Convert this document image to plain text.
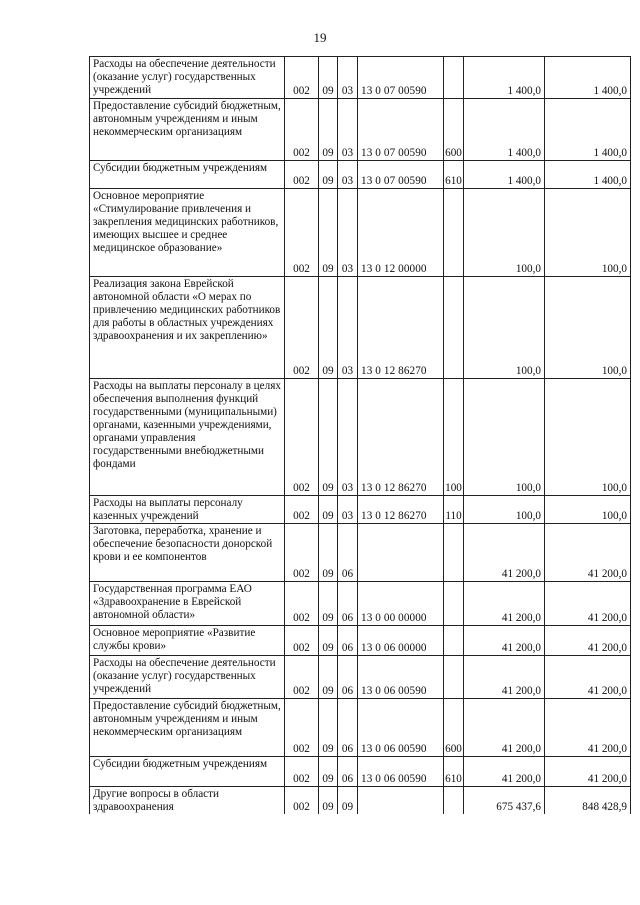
19
Расходы на обеспечение деятельности (оказание услуг) государственных учреждений	002	09	03	13 0 07 00590		1 400,0	1 400,0
Предоставление субсидий бюджетным, автономным учреждениям и иным некоммерческим организациям	002	09	03	13 0 07 00590	600	1 400,0	1 400,0
Субсидии бюджетным учреждениям	002	09	03	13 0 07 00590	610	1 400,0	1 400,0
Основное мероприятие «Стимулирование привлечения и закрепления медицинских работников, имеющих высшее и среднее медицинское образование»	002	09	03	13 0 12 00000		100,0	100,0
Реализация закона Еврейской автономной области «О мерах по привлечению медицинских работников для работы в областных учреждениях здравоохранения и их закреплению»	002	09	03	13 0 12 86270		100,0	100,0
Расходы на выплаты персоналу в целях обеспечения выполнения функций государственными (муниципальными) органами, казенными учреждениями, органами управления государственными внебюджетными фондами	002	09	03	13 0 12 86270	100	100,0	100,0
Расходы на выплаты персоналу казенных учреждений	002	09	03	13 0 12 86270	110	100,0	100,0
Заготовка, переработка, хранение и обеспечение безопасности донорской крови и ее компонентов	002	09	06			41 200,0	41 200,0
Государственная программа ЕАО «Здравоохранение в Еврейской автономной области»	002	09	06	13 0 00 00000		41 200,0	41 200,0
Основное мероприятие «Развитие службы крови»	002	09	06	13 0 06 00000		41 200,0	41 200,0
Расходы на обеспечение деятельности (оказание услуг) государственных учреждений	002	09	06	13 0 06 00590		41 200,0	41 200,0
Предоставление субсидий бюджетным, автономным учреждениям и иным некоммерческим организациям	002	09	06	13 0 06 00590	600	41 200,0	41 200,0
Субсидии бюджетным учреждениям	002	09	06	13 0 06 00590	610	41 200,0	41 200,0
Другие вопросы в области здравоохранения	002	09	09			675 437,6	848 428,9
